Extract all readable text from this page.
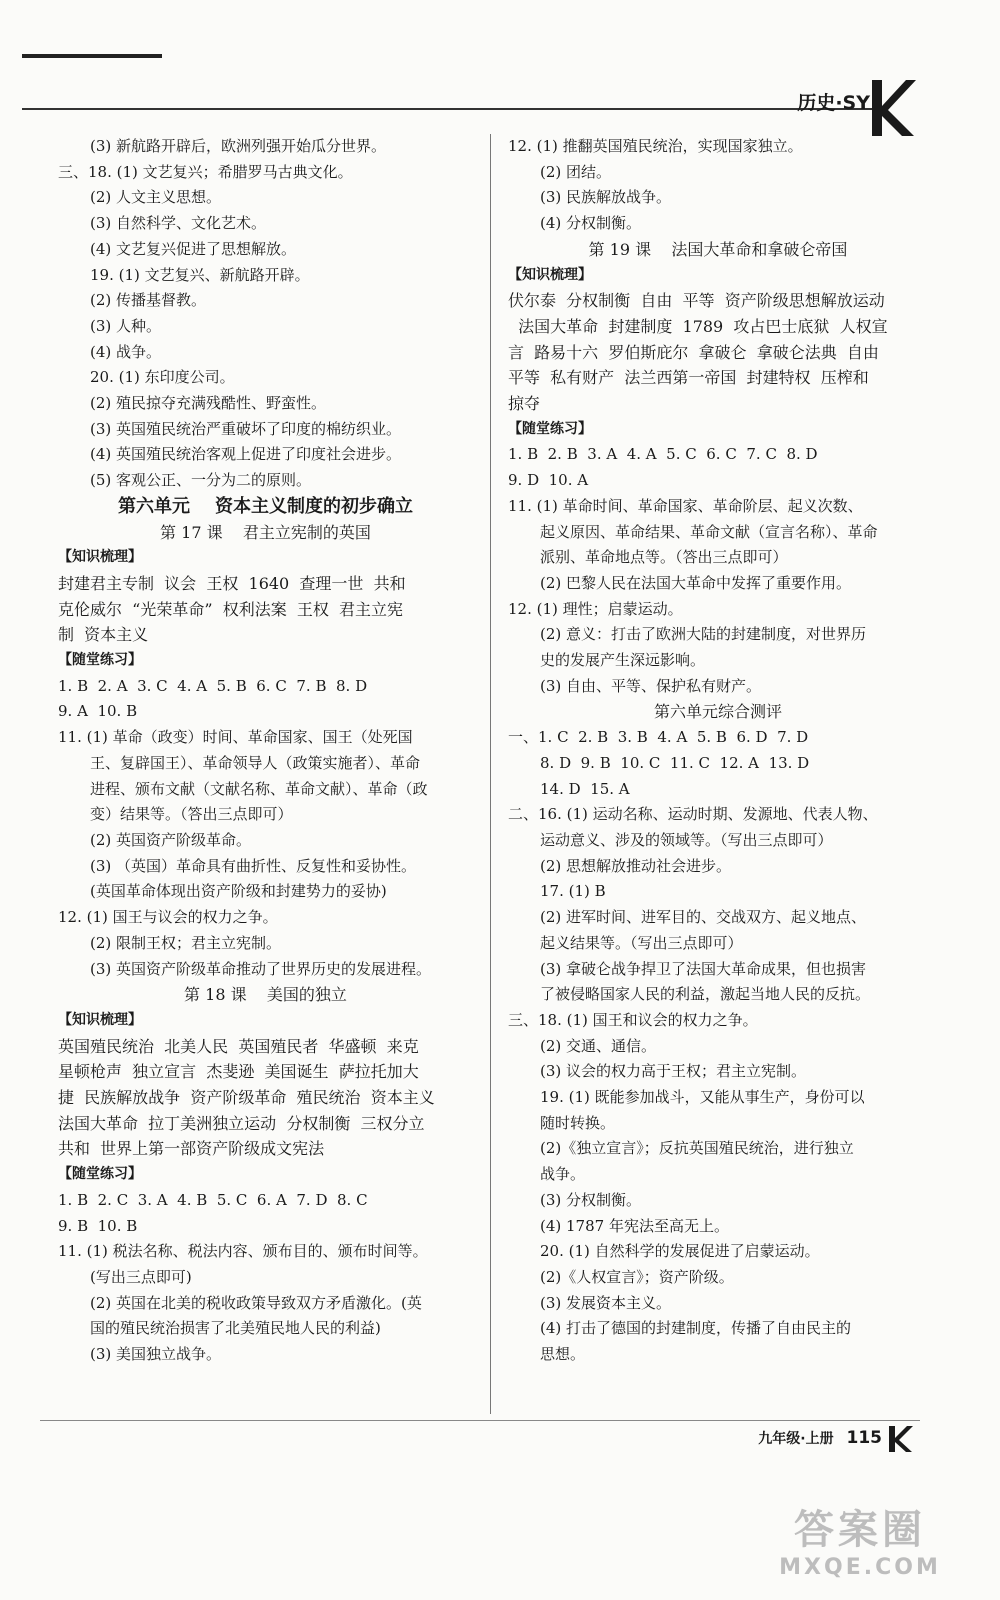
历史·SY
(3) 新航路开辟后，欧洲列强开始瓜分世界。
三、18. (1) 文艺复兴；希腊罗马古典文化。
(2) 人文主义思想。
(3) 自然科学、文化艺术。
(4) 文艺复兴促进了思想解放。
19. (1) 文艺复兴、新航路开辟。
(2) 传播基督教。
(3) 人种。
(4) 战争。
20. (1) 东印度公司。
(2) 殖民掠夺充满残酷性、野蛮性。
(3) 英国殖民统治严重破坏了印度的棉纺织业。
(4) 英国殖民统治客观上促进了印度社会进步。
(5) 客观公正、一分为二的原则。
第六单元    资本主义制度的初步确立
第 17 课    君主立宪制的英国
【知识梳理】
封建君主专制  议会  王权  1640  查理一世  共和
克伦威尔  “光荣革命”  权利法案  王权  君主立宪
制  资本主义
【随堂练习】
1. B  2. A  3. C  4. A  5. B  6. C  7. B  8. D
9. A  10. B
11. (1) 革命（政变）时间、革命国家、国王（处死国
王、复辟国王）、革命领导人（政策实施者）、革命
进程、颁布文献（文献名称、革命文献）、革命（政
变）结果等。（答出三点即可）
(2) 英国资产阶级革命。
(3) （英国）革命具有曲折性、反复性和妥协性。
(英国革命体现出资产阶级和封建势力的妥协)
12. (1) 国王与议会的权力之争。
(2) 限制王权；君主立宪制。
(3) 英国资产阶级革命推动了世界历史的发展进程。
第 18 课    美国的独立
【知识梳理】
英国殖民统治  北美人民  英国殖民者  华盛顿  来克
星顿枪声  独立宣言  杰斐逊  美国诞生  萨拉托加大
捷  民族解放战争  资产阶级革命  殖民统治  资本主义
法国大革命  拉丁美洲独立运动  分权制衡  三权分立
共和  世界上第一部资产阶级成文宪法
【随堂练习】
1. B  2. C  3. A  4. B  5. C  6. A  7. D  8. C
9. B  10. B
11. (1) 税法名称、税法内容、颁布目的、颁布时间等。
(写出三点即可)
(2) 英国在北美的税收政策导致双方矛盾激化。(英
国的殖民统治损害了北美殖民地人民的利益)
(3) 美国独立战争。
12. (1) 推翻英国殖民统治，实现国家独立。
(2) 团结。
(3) 民族解放战争。
(4) 分权制衡。
第 19 课    法国大革命和拿破仑帝国
【知识梳理】
伏尔泰  分权制衡  自由  平等  资产阶级思想解放运动
法国大革命  封建制度  1789  攻占巴士底狱  人权宣
言  路易十六  罗伯斯庇尔  拿破仑  拿破仑法典  自由
平等  私有财产  法兰西第一帝国  封建特权  压榨和
掠夺
【随堂练习】
1. B  2. B  3. A  4. A  5. C  6. C  7. C  8. D
9. D  10. A
11. (1) 革命时间、革命国家、革命阶层、起义次数、
起义原因、革命结果、革命文献（宣言名称）、革命
派别、革命地点等。（答出三点即可）
(2) 巴黎人民在法国大革命中发挥了重要作用。
12. (1) 理性；启蒙运动。
(2) 意义：打击了欧洲大陆的封建制度，对世界历
史的发展产生深远影响。
(3) 自由、平等、保护私有财产。
第六单元综合测评
一、1. C  2. B  3. B  4. A  5. B  6. D  7. D
8. D  9. B  10. C  11. C  12. A  13. D
14. D  15. A
二、16. (1) 运动名称、运动时期、发源地、代表人物、
运动意义、涉及的领域等。（写出三点即可）
(2) 思想解放推动社会进步。
17. (1) B
(2) 进军时间、进军目的、交战双方、起义地点、
起义结果等。（写出三点即可）
(3) 拿破仑战争捍卫了法国大革命成果，但也损害
了被侵略国家人民的利益，激起当地人民的反抗。
三、18. (1) 国王和议会的权力之争。
(2) 交通、通信。
(3) 议会的权力高于王权；君主立宪制。
19. (1) 既能参加战斗，又能从事生产，身份可以
随时转换。
(2)《独立宣言》；反抗英国殖民统治，进行独立
战争。
(3) 分权制衡。
(4) 1787 年宪法至高无上。
20. (1) 自然科学的发展促进了启蒙运动。
(2)《人权宣言》；资产阶级。
(3) 发展资本主义。
(4) 打击了德国的封建制度，传播了自由民主的
思想。
九年级·上册 115
答案圈
MXQE.COM
